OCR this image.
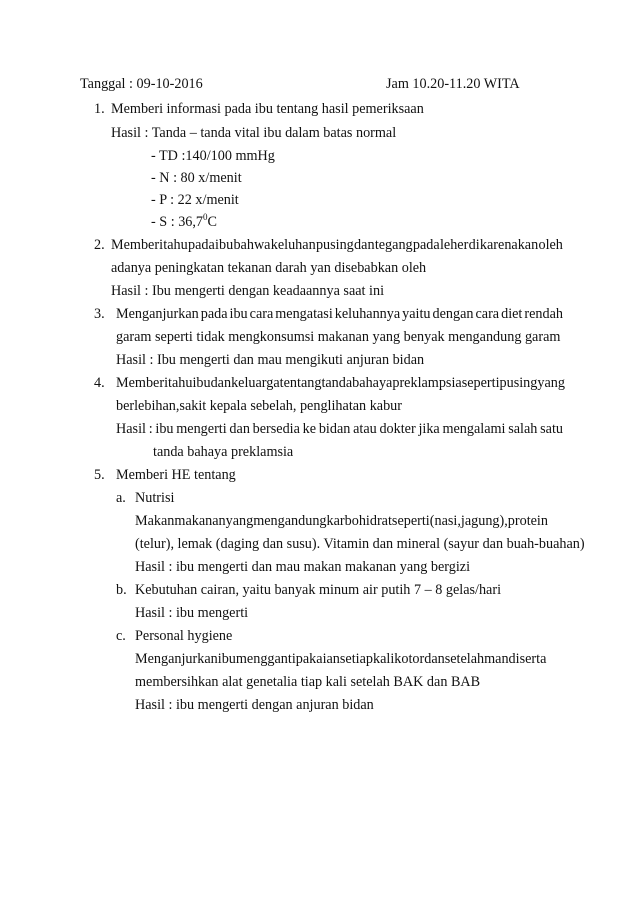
Tanggal : 09-10-2016	Jam 10.20-11.20 WITA
1. Memberi informasi pada ibu tentang hasil pemeriksaan
Hasil : Tanda – tanda vital ibu dalam batas normal
- TD :140/100 mmHg
- N : 80 x/menit
- P : 22 x/menit
- S : 36,7$^0$C
2. Memberi tahu pada ibu bahwa keluhan pusing dan tegang pada leher di karenakan oleh
adanya peningkatan tekanan darah yan disebabkan oleh
Hasil : Ibu mengerti dengan keadaannya saat ini
3. Menganjurkan pada ibu cara mengatasi keluhannya yaitu dengan cara diet rendah
garam seperti tidak mengkonsumsi makanan yang benyak mengandung garam
Hasil : Ibu mengerti dan mau mengikuti anjuran bidan
4. Memberitahu ibu dan keluarga tentang tanda bahaya preklampsia seperti pusing yang
berlebihan,sakit kepala sebelah, penglihatan kabur
Hasil : ibu mengerti dan bersedia ke bidan atau dokter jika mengalami salah satu
tanda bahaya preklamsia
5. Memberi HE tentang
a. Nutrisi
Makan makanan yang mengandung karbohidrat seperti (nasi, jagung), protein
(telur), lemak (daging dan susu). Vitamin dan mineral (sayur dan buah-buahan)
Hasil : ibu mengerti dan mau makan makanan yang bergizi
b. Kebutuhan cairan, yaitu banyak minum air putih 7 – 8 gelas/hari
Hasil : ibu mengerti
c. Personal hygiene
Menganjurkan ibu mengganti pakaian setiap kali kotor dan setelah mandi serta
membersihkan alat genetalia tiap kali setelah BAK dan BAB
Hasil : ibu mengerti dengan anjuran bidan
